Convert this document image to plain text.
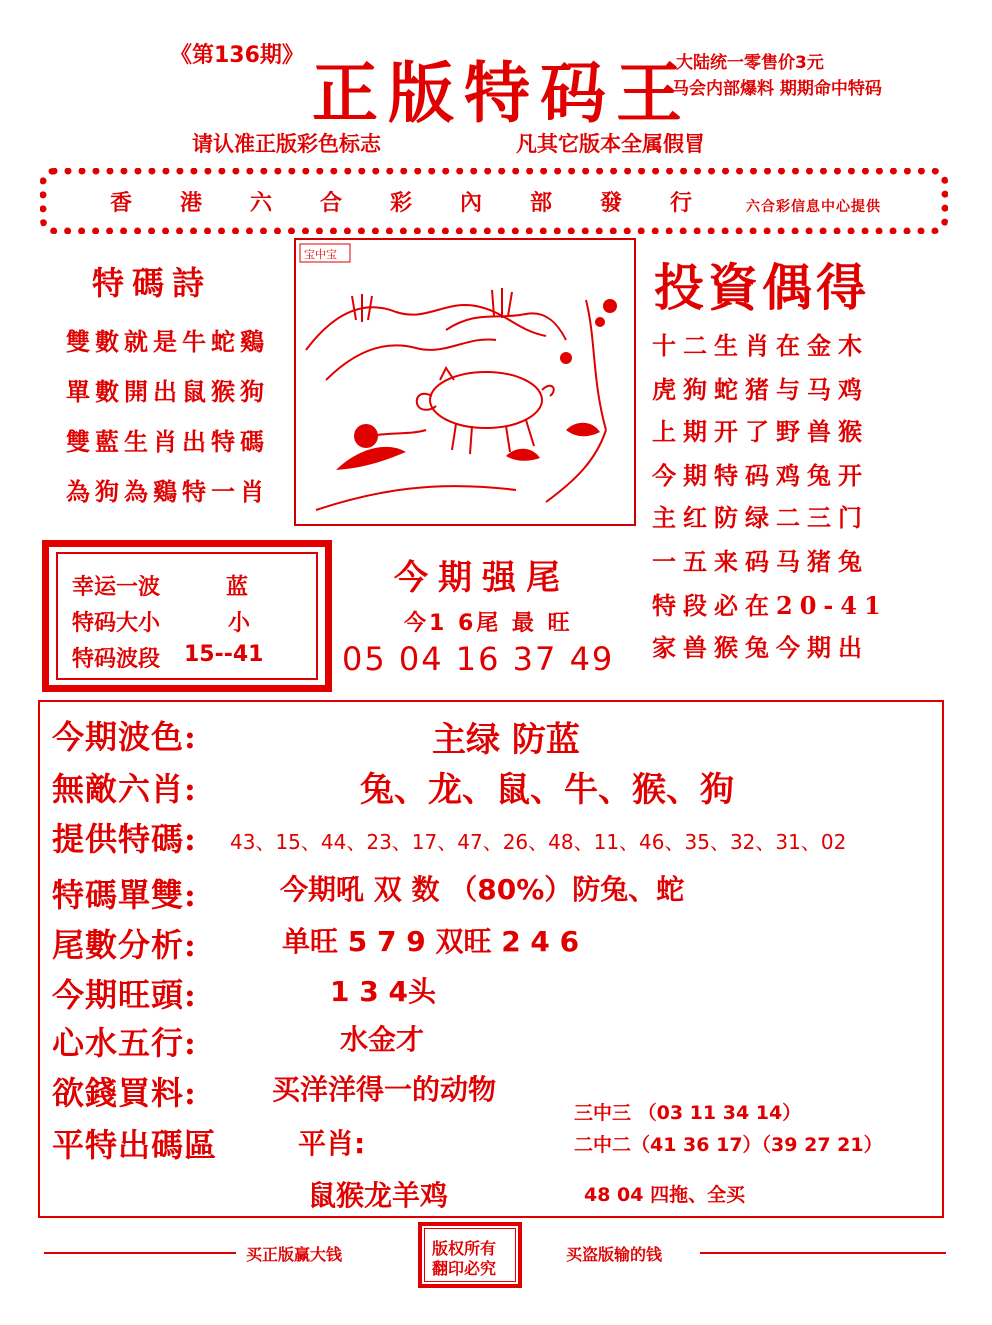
《第136期》 正版特码王
大陆统一零售价3元
马会内部爆料 期期命中特码
请认准正版彩色标志	凡其它版本全属假冒
香港六合彩內部發行 六合彩信息中心提供
特碼詩
雙數就是牛蛇鷄
單數開出鼠猴狗
雙藍生肖出特碼
為狗為鷄特一肖
宝中宝
投資偶得
十二生肖在金木
虎狗蛇猪与马鸡
上期开了野兽猴
今期特码鸡兔开
主红防绿二三门
一五来码马猪兔
特段必在20-41
家兽猴兔今期出
幸运一波	蓝
特码大小	小
特码波段 15--41
今期强尾
今1 6尾 最 旺
05 04 16 37 49
今期波色:	主绿 防蓝
無敵六肖:	兔、龙、鼠、牛、猴、狗
提供特碼: 43、15、44、23、17、47、26、48、11、46、35、32、31、02
特碼單雙:	今期吼 双 数 （80%）防兔、蛇
尾數分析:	单旺 5 7 9 双旺 2 4 6
今期旺頭:	1 3 4头
心水五行:	水金才
欲錢買料:	买洋洋得一的动物
平特出碼區	平肖:
鼠猴龙羊鸡
三中三 （03 11 34 14）
二中二（41 36 17）（39 27 21）
48 04 四拖、全买
买正版赢大钱	版权所有
翻印必究
买盗版输的钱
